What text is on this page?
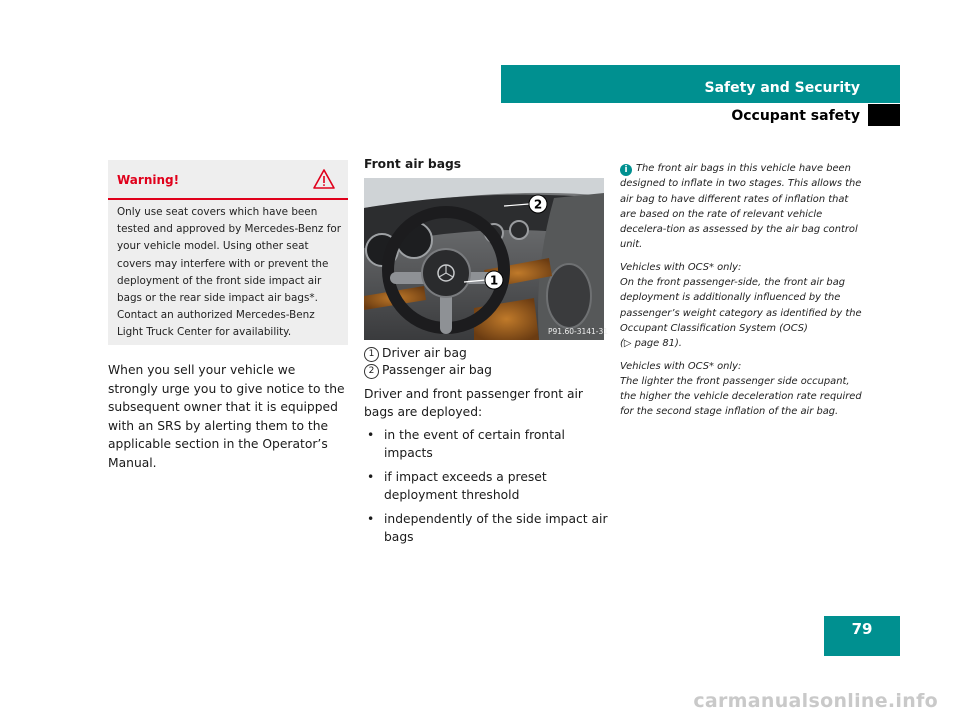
Safety and Security
Occupant safety
Warning!
Only use seat covers which have been tested and approved by Mercedes-Benz for your vehicle model. Using other seat covers may interfere with or prevent the deployment of the front side impact air bags or the rear side impact air bags*. Contact an authorized Mercedes-Benz Light Truck Center for availability.
When you sell your vehicle we strongly urge you to give notice to the subsequent owner that it is equipped with an SRS by alerting them to the applicable section in the Operator’s Manual.
Front air bags
1
2
P91.60-3141-31
1 Driver air bag
2 Passenger air bag
Driver and front passenger front air bags are deployed:
• in the event of certain frontal impacts
• if impact exceeds a preset deployment threshold
• independently of the side impact air bags

i The front air bags in this vehicle have been designed to inflate in two stages. This allows the air bag to have different rates of inflation that are based on the rate of relevant vehicle decelera-tion as assessed by the air bag control unit.

Vehicles with OCS* only:
On the front passenger-side, the front air bag deployment is additionally influenced by the passenger’s weight category as identified by the Occupant Classification System (OCS)
(▷ page 81).

Vehicles with OCS* only:
The lighter the front passenger side occupant, the higher the vehicle deceleration rate required for the second stage inflation of the air bag.

79
carmanualsonline.info
